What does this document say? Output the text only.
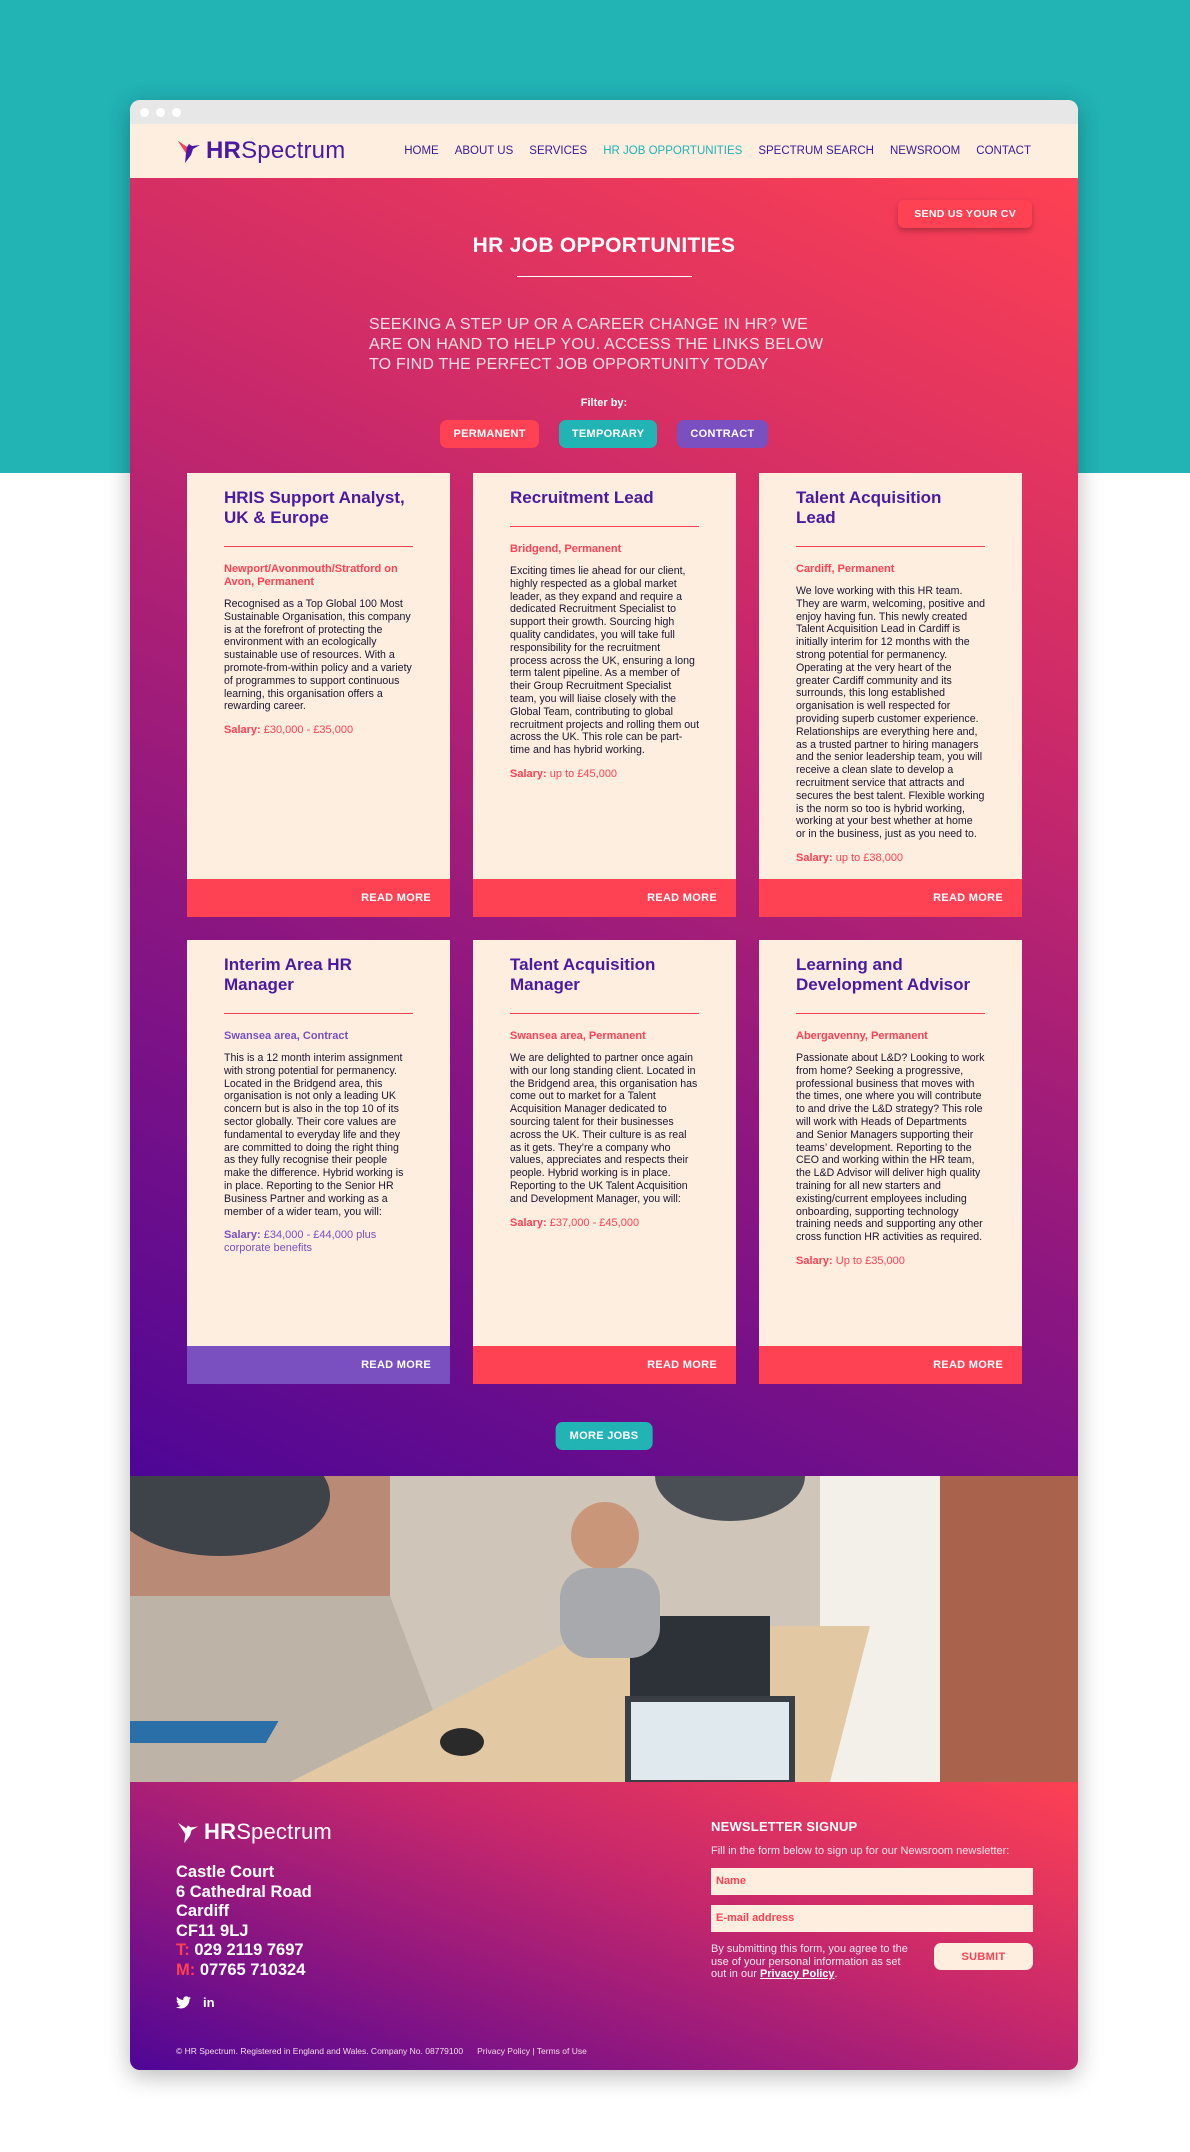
HRSpectrum	HOME ABOUT US SERVICES HR JOB OPPORTUNITIES SPECTRUM SEARCH NEWSROOM CONTACT
SEND US YOUR CV
HR JOB OPPORTUNITIES

SEEKING A STEP UP OR A CAREER CHANGE IN HR? WE ARE ON HAND TO HELP YOU. ACCESS THE LINKS BELOW TO FIND THE PERFECT JOB OPPORTUNITY TODAY

Filter by:
PERMANENT	TEMPORARY	CONTRACT
HRIS Support Analyst, UK & Europe
Newport/Avonmouth/Stratford on Avon, Permanent

Recognised as a Top Global 100 Most Sustainable Organisation, this company is at the forefront of protecting the environment with an ecologically sustainable use of resources. With a promote-from-within policy and a variety of programmes to support continuous learning, this organisation offers a rewarding career.

Salary: £30,000 - £35,000
READ MORE
Recruitment Lead
Bridgend, Permanent

Exciting times lie ahead for our client, highly respected as a global market leader, as they expand and require a dedicated Recruitment Specialist to support their growth. Sourcing high quality candidates, you will take full responsibility for the recruitment process across the UK, ensuring a long term talent pipeline. As a member of their Group Recruitment Specialist team, you will liaise closely with the Global Team, contributing to global recruitment projects and rolling them out across the UK. This role can be part-time and has hybrid working.

Salary: up to £45,000
READ MORE
Talent Acquisition Lead
Cardiff, Permanent

We love working with this HR team. They are warm, welcoming, positive and enjoy having fun. This newly created Talent Acquisition Lead in Cardiff is initially interim for 12 months with the strong potential for permanency. Operating at the very heart of the greater Cardiff community and its surrounds, this long established organisation is well respected for providing superb customer experience. Relationships are everything here and, as a trusted partner to hiring managers and the senior leadership team, you will receive a clean slate to develop a recruitment service that attracts and secures the best talent. Flexible working is the norm so too is hybrid working, working at your best whether at home or in the business, just as you need to.

Salary: up to £38,000
READ MORE
Interim Area HR Manager
Swansea area, Contract

This is a 12 month interim assignment with strong potential for permanency. Located in the Bridgend area, this organisation is not only a leading UK concern but is also in the top 10 of its sector globally. Their core values are fundamental to everyday life and they are committed to doing the right thing as they fully recognise their people make the difference. Hybrid working is in place. Reporting to the Senior HR Business Partner and working as a member of a wider team, you will:

Salary: £34,000 - £44,000 plus corporate benefits
READ MORE
Talent Acquisition Manager
Swansea area, Permanent

We are delighted to partner once again with our long standing client. Located in the Bridgend area, this organisation has come out to market for a Talent Acquisition Manager dedicated to sourcing talent for their businesses across the UK. Their culture is as real as it gets. They’re a company who values, appreciates and respects their people. Hybrid working is in place. Reporting to the UK Talent Acquisition and Development Manager, you will:

Salary: £37,000 - £45,000
READ MORE
Learning and Development Advisor
Abergavenny, Permanent

Passionate about L&D? Looking to work from home? Seeking a progressive, professional business that moves with the times, one where you will contribute to and drive the L&D strategy? This role will work with Heads of Departments and Senior Managers supporting their teams’ development. Reporting to the CEO and working within the HR team, the L&D Advisor will deliver high quality training for all new starters and existing/current employees including onboarding, supporting technology training needs and supporting any other cross function HR activities as required.

Salary: Up to £35,000
READ MORE
MORE JOBS
HRSpectrum
Castle Court
6 Cathedral Road
Cardiff
CF11 9LJ
T: 029 2119 7697
M: 07765 710324
in
NEWSLETTER SIGNUP

Fill in the form below to sign up for our Newsroom newsletter:

Name
E-mail address

By submitting this form, you agree to the use of your personal information as set out in our Privacy Policy.

SUBMIT
© HR Spectrum. Registered in England and Wales. Company No. 08779100 Privacy Policy | Terms of Use
